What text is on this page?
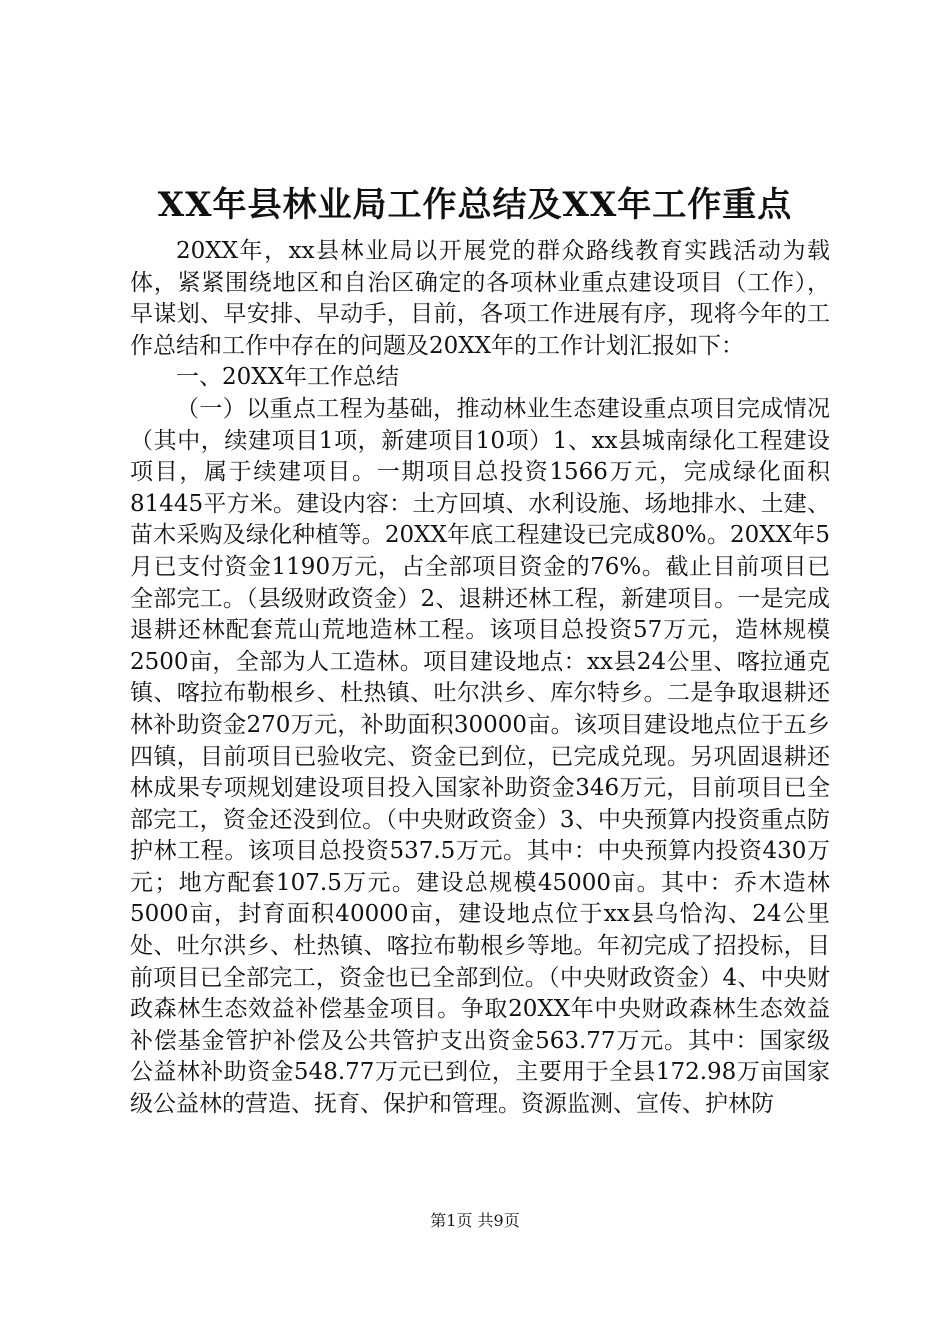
XX年县林业局工作总结及XX年工作重点

20XX年，xx县林业局以开展党的群众路线教育实践活动为载体，紧紧围绕地区和自治区确定的各项林业重点建设项目（工作），早谋划、早安排、早动手，目前，各项工作进展有序，现将今年的工作总结和工作中存在的问题及20XX年的工作计划汇报如下：

一、20XX年工作总结

（一）以重点工程为基础，推动林业生态建设重点项目完成情况（其中，续建项目1项，新建项目10项）1、xx县城南绿化工程建设项目，属于续建项目。一期项目总投资1566万元，完成绿化面积81445平方米。建设内容：土方回填、水利设施、场地排水、土建、苗木采购及绿化种植等。20XX年底工程建设已完成80%。20XX年5月已支付资金1190万元，占全部项目资金的76%。截止目前项目已全部完工。（县级财政资金）2、退耕还林工程，新建项目。一是完成退耕还林配套荒山荒地造林工程。该项目总投资57万元，造林规模2500亩，全部为人工造林。项目建设地点：xx县24公里、喀拉通克镇、喀拉布勒根乡、杜热镇、吐尔洪乡、库尔特乡。二是争取退耕还林补助资金270万元，补助面积30000亩。该项目建设地点位于五乡四镇，目前项目已验收完、资金已到位，已完成兑现。另巩固退耕还林成果专项规划建设项目投入国家补助资金346万元，目前项目已全部完工，资金还没到位。（中央财政资金）3、中央预算内投资重点防护林工程。该项目总投资537.5万元。其中：中央预算内投资430万元；地方配套107.5万元。建设总规模45000亩。其中：乔木造林5000亩，封育面积40000亩，建设地点位于xx县乌恰沟、24公里处、吐尔洪乡、杜热镇、喀拉布勒根乡等地。年初完成了招投标，目前项目已全部完工，资金也已全部到位。（中央财政资金）4、中央财政森林生态效益补偿基金项目。争取20XX年中央财政森林生态效益补偿基金管护补偿及公共管护支出资金563.77万元。其中：国家级公益林补助资金548.77万元已到位，主要用于全县172.98万亩国家级公益林的营造、抚育、保护和管理。资源监测、宣传、护林防

第1页 共9页
